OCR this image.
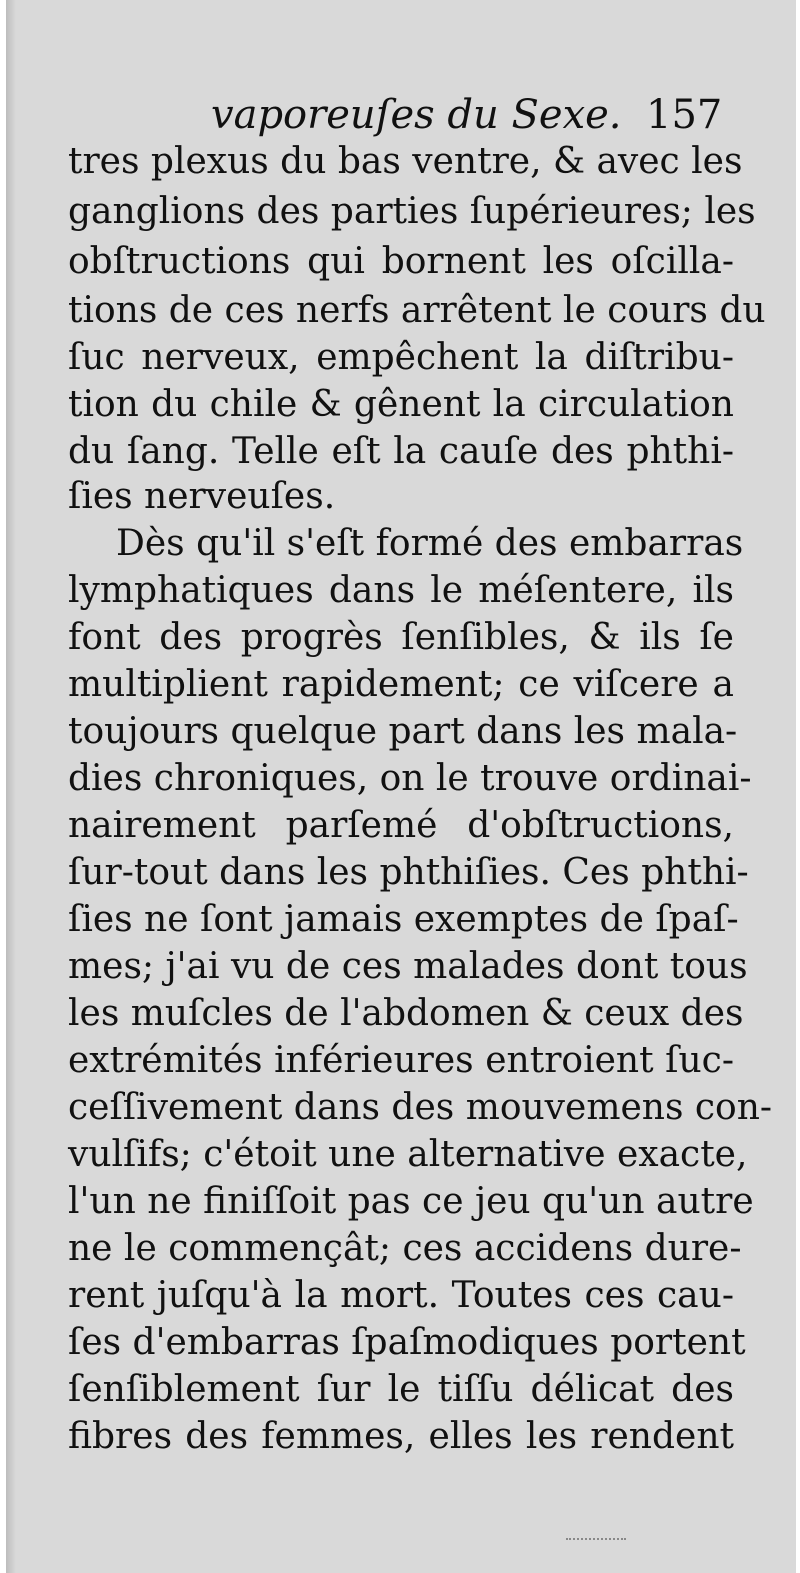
vaporeuſes du Sexe. 157
tres plexus du bas ventre, & avec les
ganglions des parties ſupérieures; les
obſtructions qui bornent les oſcilla-
tions de ces nerfs arrêtent le cours du
ſuc nerveux, empêchent la diſtribu-
tion du chile & gênent la circulation
du ſang. Telle eſt la cauſe des phthi-
ſies nerveuſes.
Dès qu'il s'eſt formé des embarras
lymphatiques dans le méſentere, ils
font des progrès ſenſibles, & ils ſe
multiplient rapidement; ce viſcere a
toujours quelque part dans les mala-
dies chroniques, on le trouve ordinai-
nairement parſemé d'obſtructions,
ſur-tout dans les phthiſies. Ces phthi-
ſies ne ſont jamais exemptes de ſpaſ-
mes; j'ai vu de ces malades dont tous
les muſcles de l'abdomen & ceux des
extrémités inférieures entroient ſuc-
ceſſivement dans des mouvemens con-
vulſifs; c'étoit une alternative exacte,
l'un ne finiſſoit pas ce jeu qu'un autre
ne le commençât; ces accidens dure-
rent juſqu'à la mort. Toutes ces cau-
ſes d'embarras ſpaſmodiques portent
ſenſiblement ſur le tiſſu délicat des
fibres des femmes, elles les rendent
